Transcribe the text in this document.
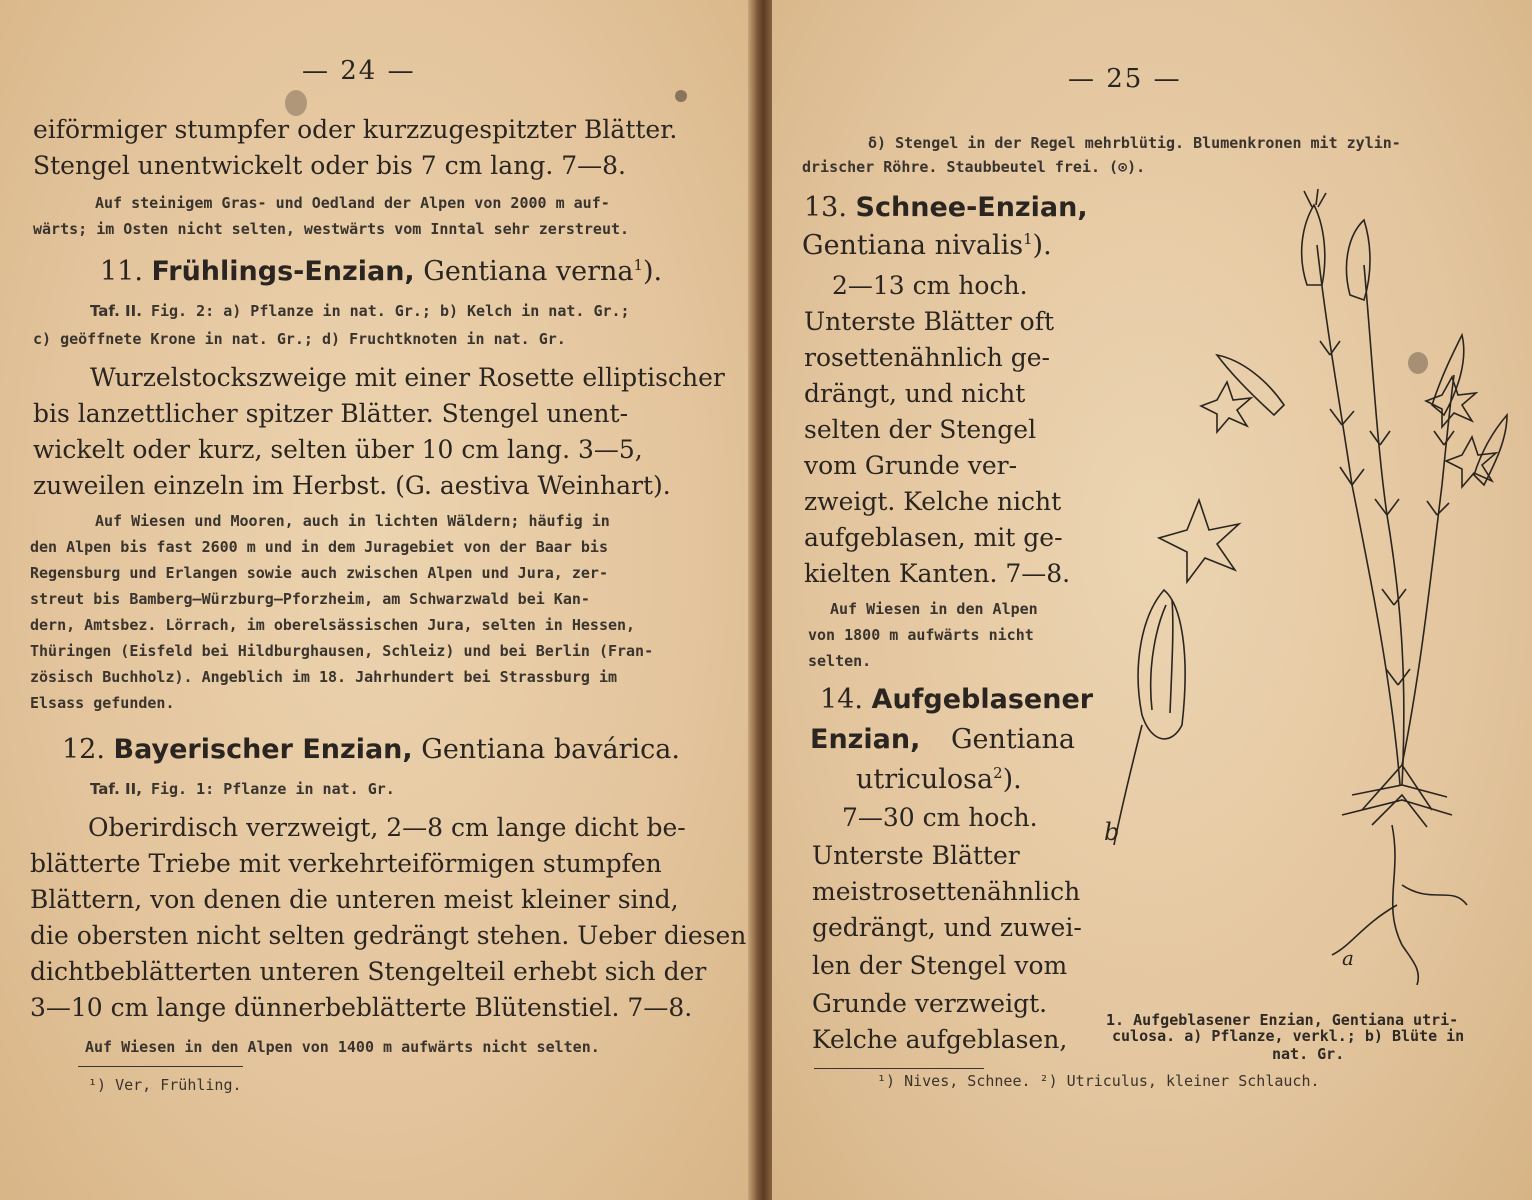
— 24 —
eiförmiger stumpfer oder kurzzugespitzter Blätter.
Stengel unentwickelt oder bis 7 cm lang. 7—8.
Auf steinigem Gras- und Oedland der Alpen von 2000 m auf-
wärts; im Osten nicht selten, westwärts vom Inntal sehr zerstreut.
11. Frühlings-Enzian, Gentiana verna$^1$).
Taf. II. Fig. 2: a) Pflanze in nat. Gr.; b) Kelch in nat. Gr.;
c) geöffnete Krone in nat. Gr.; d) Fruchtknoten in nat. Gr.
Wurzelstockszweige mit einer Rosette elliptischer
bis lanzettlicher spitzer Blätter. Stengel unent-
wickelt oder kurz, selten über 10 cm lang. 3—5,
zuweilen einzeln im Herbst. (G. aestiva Weinhart).
Auf Wiesen und Mooren, auch in lichten Wäldern; häufig in
den Alpen bis fast 2600 m und in dem Juragebiet von der Baar bis
Regensburg und Erlangen sowie auch zwischen Alpen und Jura, zer-
streut bis Bamberg—Würzburg—Pforzheim, am Schwarzwald bei Kan-
dern, Amtsbez. Lörrach, im oberelsässischen Jura, selten in Hessen,
Thüringen (Eisfeld bei Hildburghausen, Schleiz) und bei Berlin (Fran-
zösisch Buchholz). Angeblich im 18. Jahrhundert bei Strassburg im
Elsass gefunden.
12. Bayerischer Enzian, Gentiana bavárica.
Taf. II, Fig. 1: Pflanze in nat. Gr.
Oberirdisch verzweigt, 2—8 cm lange dicht be-
blätterte Triebe mit verkehrteiförmigen stumpfen
Blättern, von denen die unteren meist kleiner sind,
die obersten nicht selten gedrängt stehen. Ueber diesen
dichtbeblätterten unteren Stengelteil erhebt sich der
3—10 cm lange dünnerbeblätterte Blütenstiel. 7—8.
Auf Wiesen in den Alpen von 1400 m aufwärts nicht selten.
¹) Ver, Frühling.
— 25 —
δ) Stengel in der Regel mehrblütig. Blumenkronen mit zylin-
drischer Röhre. Staubbeutel frei. (⊙).
13. Schnee-Enzian,
Gentiana nivalis$^1$).
2—13 cm hoch.
Unterste Blätter oft
rosettenähnlich ge-
drängt, und nicht
selten der Stengel
vom Grunde ver-
zweigt. Kelche nicht
aufgeblasen, mit ge-
kielten Kanten. 7—8.
Auf Wiesen in den Alpen
von 1800 m aufwärts nicht
selten.
14. Aufgeblasener
Enzian, Gentiana
utriculosa$^2$).
7—30 cm hoch.
Unterste Blätter
meistrosettenähnlich
gedrängt, und zuwei-
len der Stengel vom
Grunde verzweigt.
Kelche aufgeblasen,
b
a
1. Aufgeblasener Enzian, Gentiana utri-
culosa. a) Pflanze, verkl.; b) Blüte in
nat. Gr.
¹) Nives, Schnee. ²) Utriculus, kleiner Schlauch.
